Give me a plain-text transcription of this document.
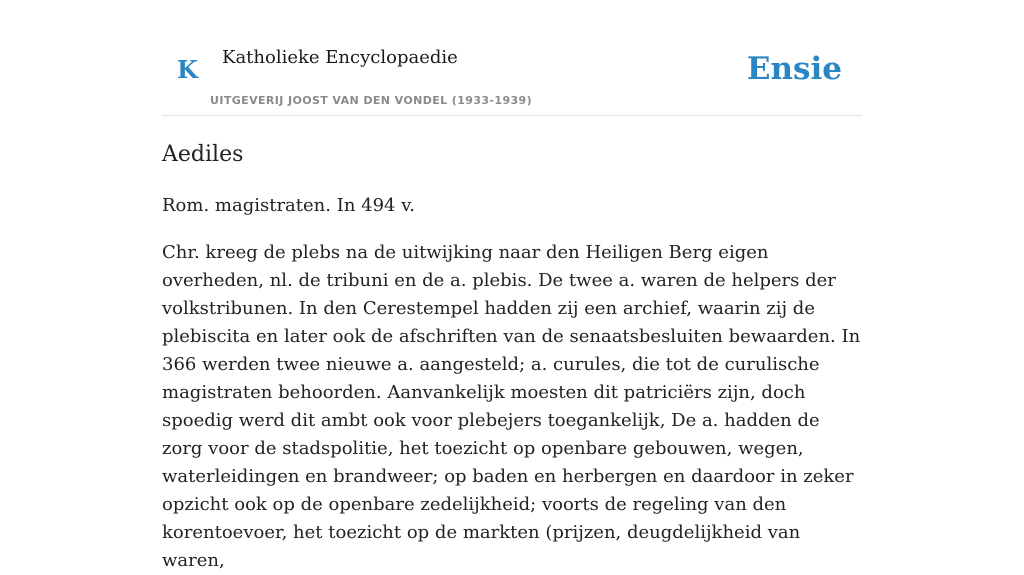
K Katholieke Encyclopaedie
UITGEVERIJ JOOST VAN DEN VONDEL (1933-1939)
Ensie
Aediles

Rom. magistraten. In 494 v.

Chr. kreeg de plebs na de uitwijking naar den Heiligen Berg eigen overheden, nl. de tribuni en de a. plebis. De twee a. waren de helpers der volkstribunen. In den Cerestempel hadden zij een archief, waarin zij de plebiscita en later ook de afschriften van de senaatsbesluiten bewaarden. In 366 werden twee nieuwe a. aangesteld; a. curules, die tot de curulische magistraten behoorden. Aanvankelijk moesten dit patriciërs zijn, doch spoedig werd dit ambt ook voor plebejers toegankelijk, De a. hadden de zorg voor de stadspolitie, het toezicht op openbare gebouwen, wegen, waterleidingen en brandweer; op baden en herbergen en daardoor in zeker opzicht ook op de openbare zedelijkheid; voorts de regeling van den korentoevoer, het toezicht op de markten (prijzen, deugdelijkheid van waren,
